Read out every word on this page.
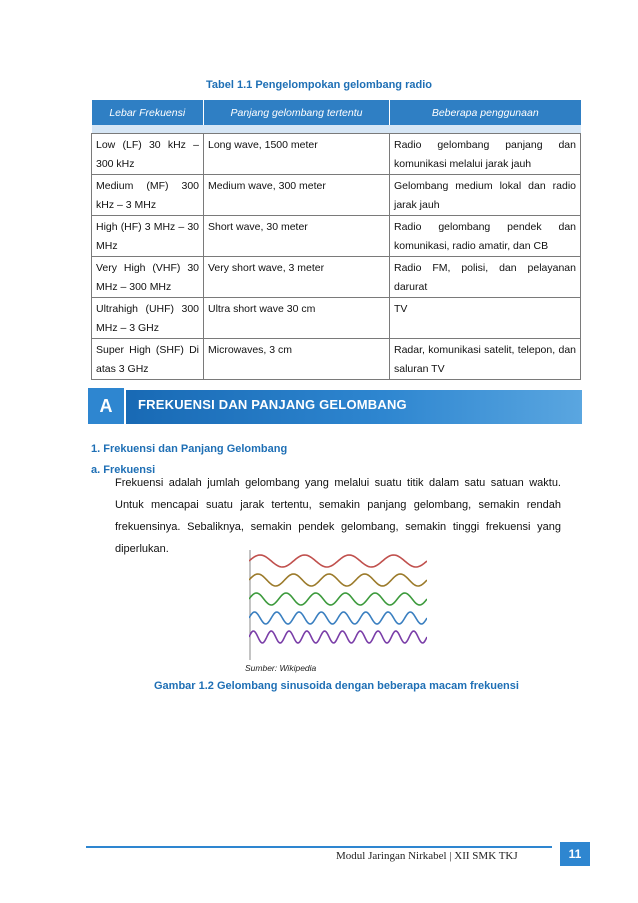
Tabel 1.1 Pengelompokan gelombang radio
Lebar Frekuensi	Panjang gelombang tertentu	Beberapa penggunaan

Low (LF) 30 kHz – 300 kHz	Long wave, 1500 meter	Radio gelombang panjang dan komunikasi melalui jarak jauh
Medium (MF) 300 kHz – 3 MHz	Medium wave, 300 meter	Gelombang medium lokal dan radio jarak jauh
High (HF) 3 MHz – 30 MHz	Short wave, 30 meter	Radio gelombang pendek dan komunikasi, radio amatir, dan CB
Very High (VHF) 30 MHz – 300 MHz	Very short wave, 3 meter	Radio FM, polisi, dan pelayanan darurat
Ultrahigh (UHF) 300 MHz – 3 GHz	Ultra short wave 30 cm	TV
Super High (SHF) Di atas 3 GHz	Microwaves, 3 cm	Radar, komunikasi satelit, telepon, dan saluran TV
A	FREKUENSI DAN PANJANG GELOMBANG
1. Frekuensi dan Panjang Gelombang
a. Frekuensi
Frekuensi adalah jumlah gelombang yang melalui suatu titik dalam satu satuan waktu. Untuk mencapai suatu jarak tertentu, semakin panjang gelombang, semakin rendah frekuensinya. Sebaliknya, semakin pendek gelombang, semakin tinggi frekuensi yang diperlukan.
Sumber: Wikipedia
Gambar 1.2 Gelombang sinusoida dengan beberapa macam frekuensi
Modul Jaringan Nirkabel | XII SMK TKJ	11
